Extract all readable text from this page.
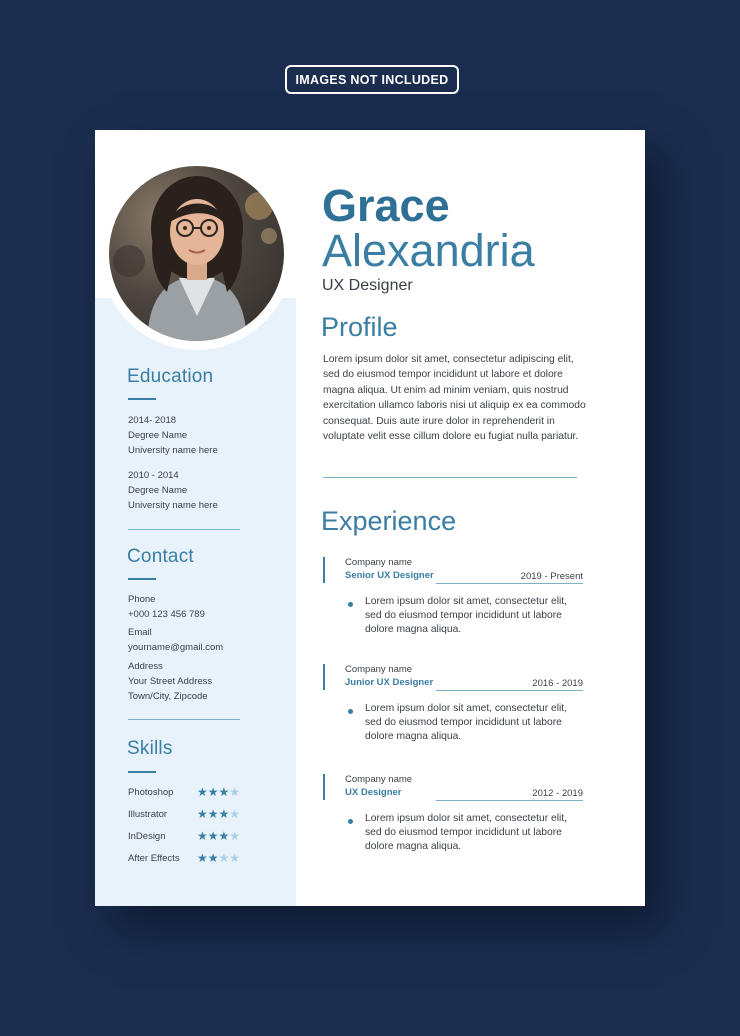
IMAGES NOT INCLUDED
Education
2014- 2018
Degree Name
University name here
2010 - 2014
Degree Name
University name here
Contact
Phone
+000 123 456 789
Email
yourname@gmail.com
Address
Your Street Address
Town/City, Zipcode
Skills
Photoshop ★★★★
Illustrator ★★★★
InDesign	★★★★
After Effects ★★★★
Grace
Alexandria
UX Designer
Profile
Lorem ipsum dolor sit amet, consectetur adipiscing elit, sed do eiusmod tempor incididunt ut labore et dolore magna aliqua. Ut enim ad minim veniam, quis nostrud exercitation ullamco laboris nisi ut aliquip ex ea commodo consequat. Duis aute irure dolor in reprehenderit in voluptate velit esse cillum dolore eu fugiat nulla pariatur.
Experience
Company name
Senior UX Designer	2019 - Present
Lorem ipsum dolor sit amet, consectetur elit, sed do eiusmod tempor incididunt ut labore dolore magna aliqua.
Company name
Junior UX Designer	2016 - 2019
Lorem ipsum dolor sit amet, consectetur elit, sed do eiusmod tempor incididunt ut labore dolore magna aliqua.
Company name
UX Designer	2012 - 2019
Lorem ipsum dolor sit amet, consectetur elit, sed do eiusmod tempor incididunt ut labore dolore magna aliqua.
